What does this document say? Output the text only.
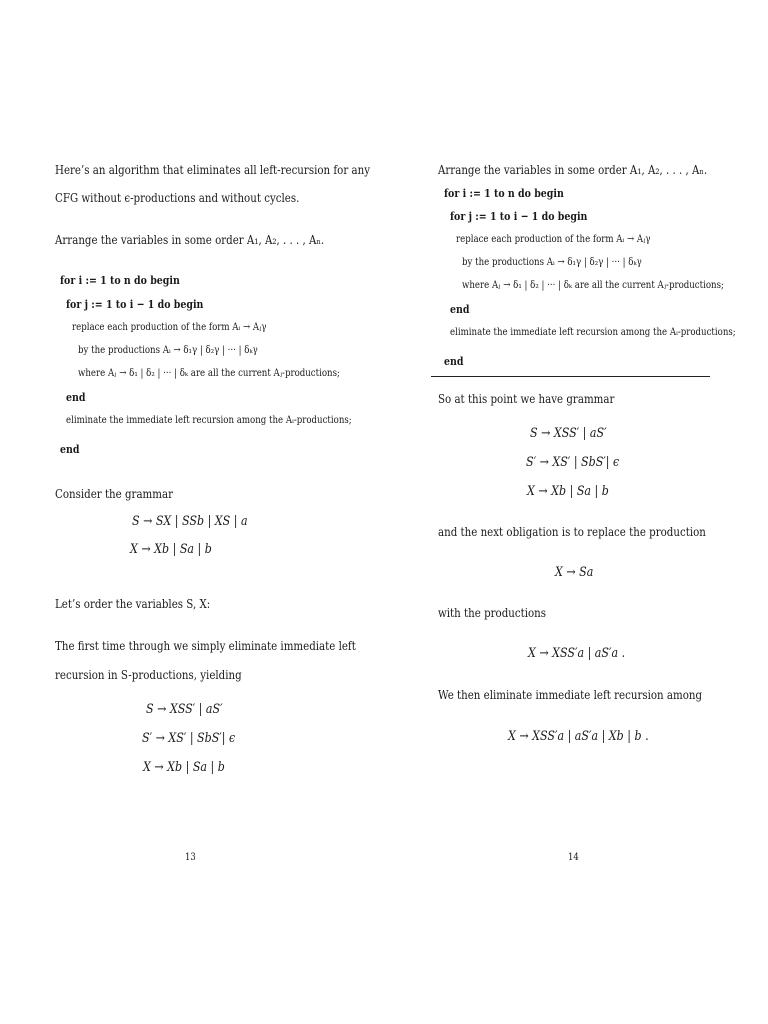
Here’s an algorithm that eliminates all left-recursion for any
CFG without ϵ-productions and without cycles.
Arrange the variables in some order A₁, A₂, . . . , Aₙ.
for i := 1 to n do begin
for j := 1 to i − 1 do begin
replace each production of the form Aᵢ → Aⱼγ
by the productions Aᵢ → δ₁γ | δ₂γ | ··· | δₖγ
where Aⱼ → δ₁ | δ₂ | ··· | δₖ are all the current Aⱼ-productions;
end
eliminate the immediate left recursion among the Aᵢ-productions;
end
Consider the grammar
S → SX | SSb | XS | a
X → Xb | Sa | b
Let’s order the variables S, X:
The first time through we simply eliminate immediate left
recursion in S-productions, yielding
S → XSS′ | aS′
S′ → XS′ | SbS′| ϵ
X → Xb | Sa | b
13
Arrange the variables in some order A₁, A₂, . . . , Aₙ.
for i := 1 to n do begin
for j := 1 to i − 1 do begin
replace each production of the form Aᵢ → Aⱼγ
by the productions Aᵢ → δ₁γ | δ₂γ | ··· | δₖγ
where Aⱼ → δ₁ | δ₂ | ··· | δₖ are all the current Aⱼ-productions;
end
eliminate the immediate left recursion among the Aᵢ-productions;
end
So at this point we have grammar
S → XSS′ | aS′
S′ → XS′ | SbS′| ϵ
X → Xb | Sa | b
and the next obligation is to replace the production
X → Sa
with the productions
X → XSS′a | aS′a .
We then eliminate immediate left recursion among
X → XSS′a | aS′a | Xb | b .
14
